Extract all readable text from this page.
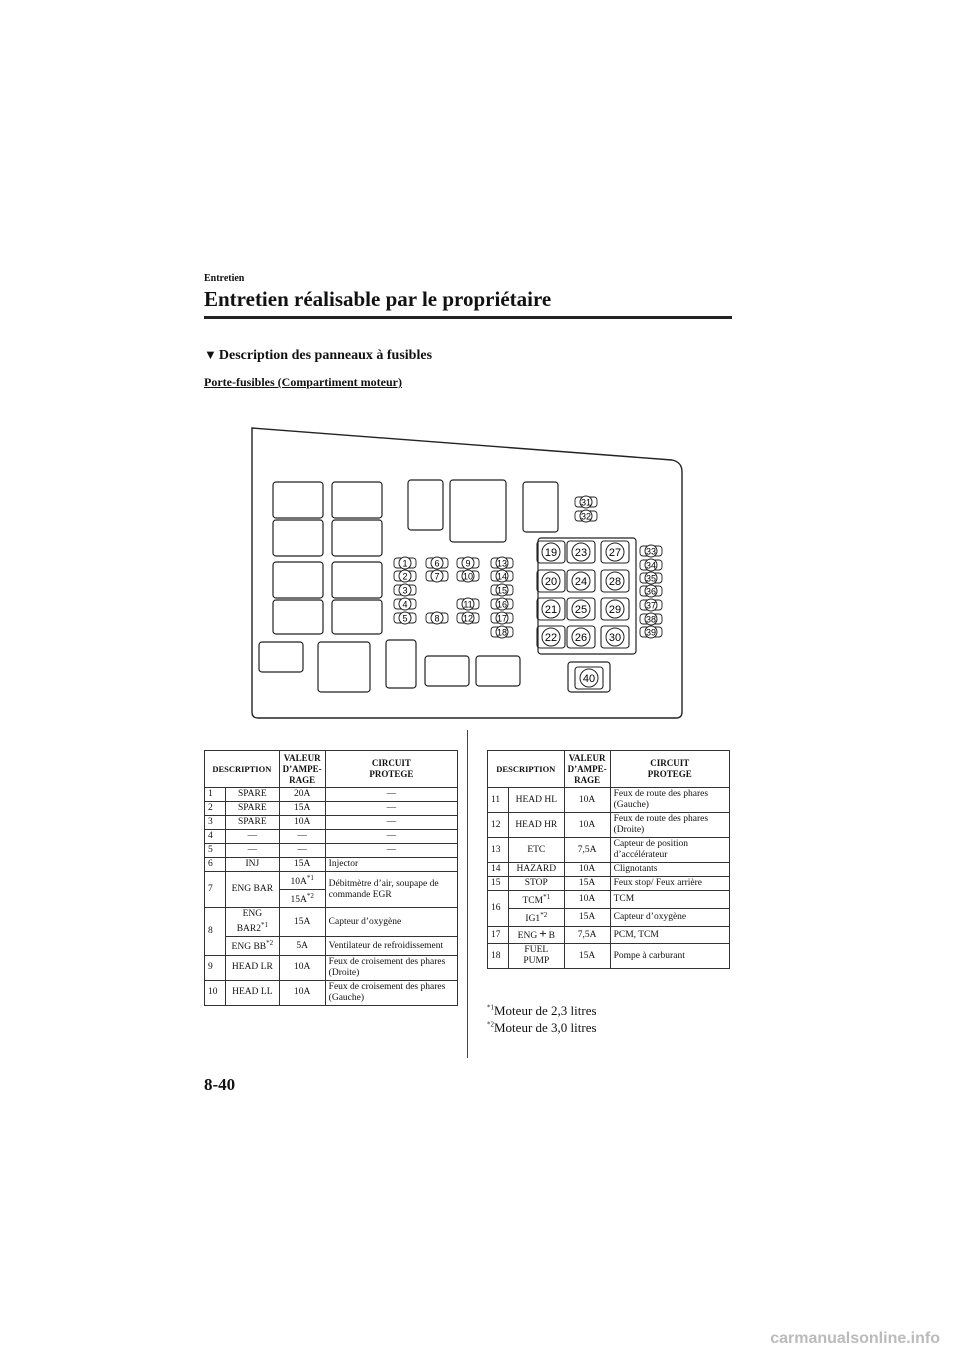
Entretien
Entretien réalisable par le propriétaire
▼ Description des panneaux à fusibles
Porte-fusibles (Compartiment moteur)
1
2
3
4
5
6
7
8
9
10
11
12
13
14
15
16
17
18
19
20
21
22
23
24
25
26
27
28
29
30
31
32
33
34
35
36
37
38
39
40
DESCRIPTION		VALEUR
D’AMPE-
RAGE	CIRCUIT
PROTEGE
1	SPARE	20A	—
2	SPARE	15A	—
3	SPARE	10A	—
4	—	—	—
5	—	—	—
6	INJ	15A	Injector
7	ENG BAR	$10A^{*1}$	Débitmètre d’air, soupape de commande EGR
		$15A^{*2}$
8	ENG BAR2$^{*1}$	15A	Capteur d’oxygène
	ENG BB$^{*2}$	5A	Ventilateur de refroidissement
9	HEAD LR	10A	Feux de croisement des phares (Droite)
10	HEAD LL	10A	Feux de croisement des phares (Gauche)
DESCRIPTION		VALEUR
D’AMPE-
RAGE	CIRCUIT
PROTEGE
11	HEAD HL	10A	Feux de route des phares (Gauche)
12	HEAD HR	10A	Feux de route des phares (Droite)
13	ETC	7,5A	Capteur de position d’accélérateur
14	HAZARD	10A	Clignotants
15	STOP	15A	Feux stop/ Feux arrière
16	TCM$^{*1}$	10A	TCM
	IG1$^{*2}$	15A	Capteur d’oxygène
17	ENG + B	7,5A	PCM, TCM
18	FUEL PUMP	15A	Pompe à carburant
$^{*1}$Moteur de 2,3 litres
$^{*2}$Moteur de 3,0 litres
8-40
carmanualsonline.info
